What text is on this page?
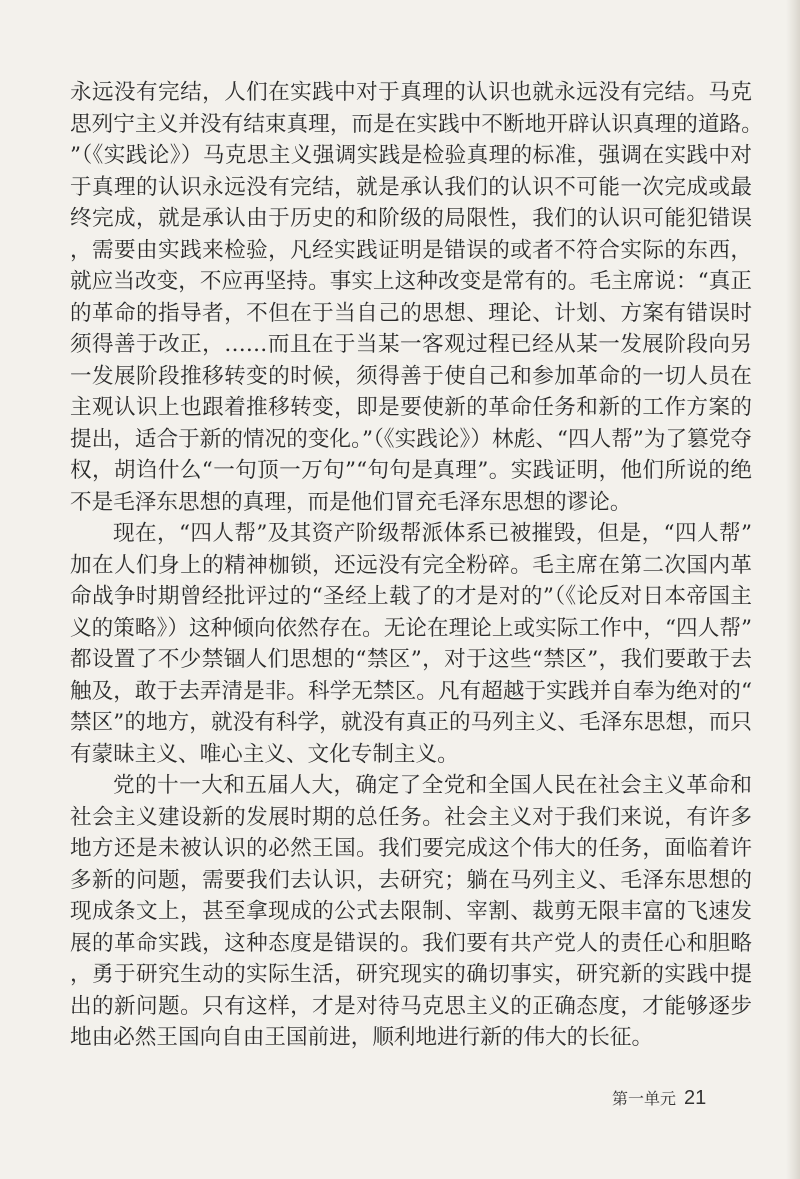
永远没有完结，人们在实践中对于真理的认识也就永远没有完结。马克思列宁主义并没有结束真理，而是在实践中不断地开辟认识真理的道路。”（《实践论》）马克思主义强调实践是检验真理的标准，强调在实践中对于真理的认识永远没有完结，就是承认我们的认识不可能一次完成或最终完成，就是承认由于历史的和阶级的局限性，我们的认识可能犯错误，需要由实践来检验，凡经实践证明是错误的或者不符合实际的东西，就应当改变，不应再坚持。事实上这种改变是常有的。毛主席说：“真正的革命的指导者，不但在于当自己的思想、理论、计划、方案有错误时须得善于改正，……而且在于当某一客观过程已经从某一发展阶段向另一发展阶段推移转变的时候，须得善于使自己和参加革命的一切人员在主观认识上也跟着推移转变，即是要使新的革命任务和新的工作方案的提出，适合于新的情况的变化。”（《实践论》）林彪、“四人帮”为了篡党夺权，胡诌什么“一句顶一万句”“句句是真理”。实践证明，他们所说的绝不是毛泽东思想的真理，而是他们冒充毛泽东思想的谬论。

现在，“四人帮”及其资产阶级帮派体系已被摧毁，但是，“四人帮”加在人们身上的精神枷锁，还远没有完全粉碎。毛主席在第二次国内革命战争时期曾经批评过的“圣经上载了的才是对的”（《论反对日本帝国主义的策略》）这种倾向依然存在。无论在理论上或实际工作中，“四人帮”都设置了不少禁锢人们思想的“禁区”，对于这些“禁区”，我们要敢于去触及，敢于去弄清是非。科学无禁区。凡有超越于实践并自奉为绝对的“禁区”的地方，就没有科学，就没有真正的马列主义、毛泽东思想，而只有蒙昧主义、唯心主义、文化专制主义。

党的十一大和五届人大，确定了全党和全国人民在社会主义革命和社会主义建设新的发展时期的总任务。社会主义对于我们来说，有许多地方还是未被认识的必然王国。我们要完成这个伟大的任务，面临着许多新的问题，需要我们去认识，去研究；躺在马列主义、毛泽东思想的现成条文上，甚至拿现成的公式去限制、宰割、裁剪无限丰富的飞速发展的革命实践，这种态度是错误的。我们要有共产党人的责任心和胆略，勇于研究生动的实际生活，研究现实的确切事实，研究新的实践中提出的新问题。只有这样，才是对待马克思主义的正确态度，才能够逐步地由必然王国向自由王国前进，顺利地进行新的伟大的长征。

第一单元 21
